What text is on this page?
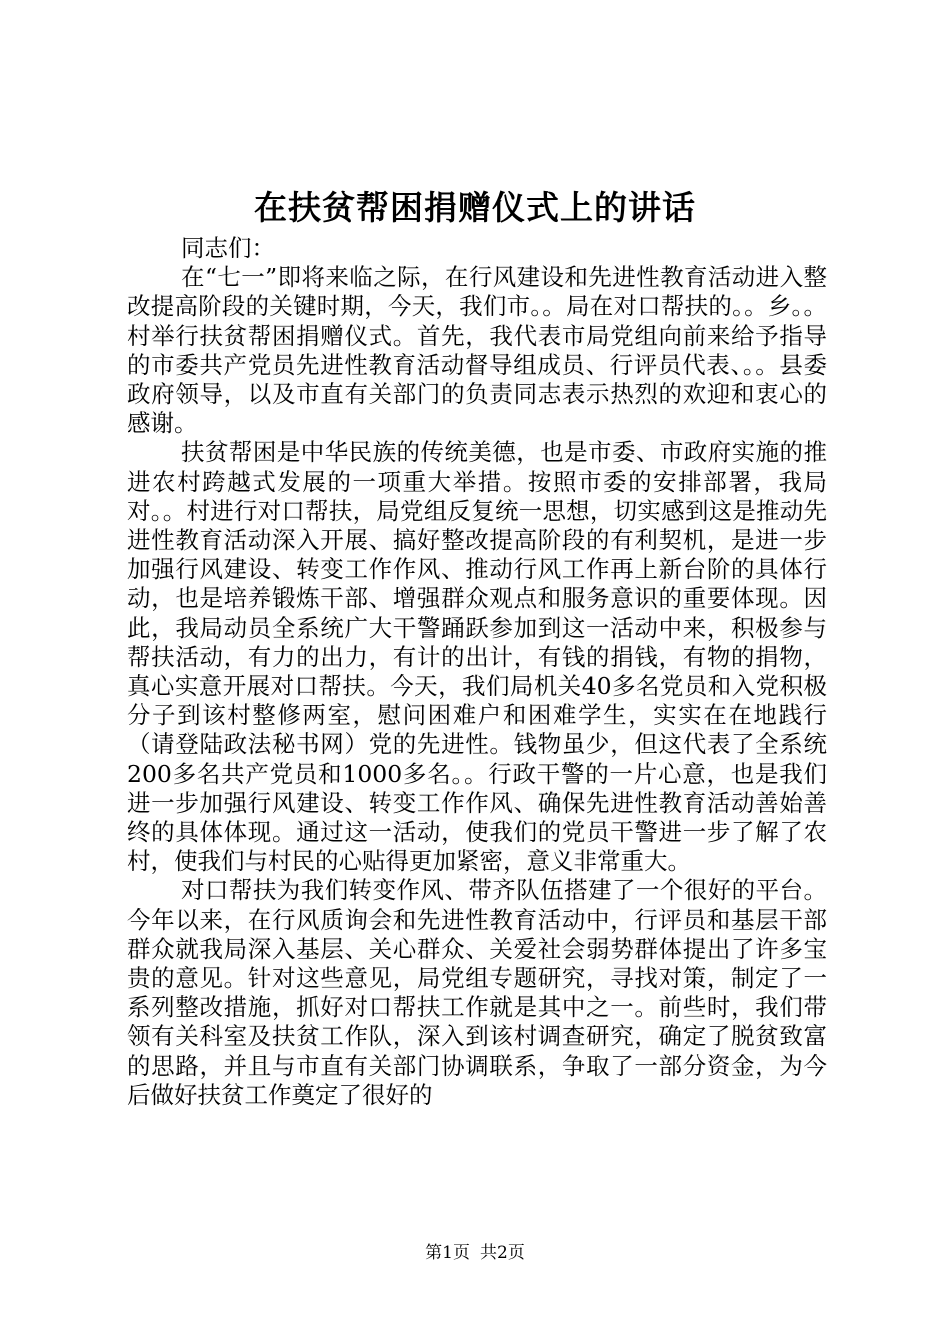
在扶贫帮困捐赠仪式上的讲话

同志们：

在“七一”即将来临之际，在行风建设和先进性教育活动进入整改提高阶段的关键时期，今天，我们市。。局在对口帮扶的。。乡。。村举行扶贫帮困捐赠仪式。首先，我代表市局党组向前来给予指导的市委共产党员先进性教育活动督导组成员、行评员代表、。。县委政府领导，以及市直有关部门的负责同志表示热烈的欢迎和衷心的感谢。

扶贫帮困是中华民族的传统美德，也是市委、市政府实施的推进农村跨越式发展的一项重大举措。按照市委的安排部署，我局对。。村进行对口帮扶，局党组反复统一思想，切实感到这是推动先进性教育活动深入开展、搞好整改提高阶段的有利契机，是进一步加强行风建设、转变工作作风、推动行风工作再上新台阶的具体行动，也是培养锻炼干部、增强群众观点和服务意识的重要体现。因此，我局动员全系统广大干警踊跃参加到这一活动中来，积极参与帮扶活动，有力的出力，有计的出计，有钱的捐钱，有物的捐物，真心实意开展对口帮扶。今天，我们局机关40多名党员和入党积极分子到该村整修两室，慰问困难户和困难学生，实实在在地践行（请登陆政法秘书网）党的先进性。钱物虽少，但这代表了全系统200多名共产党员和1000多名。。行政干警的一片心意，也是我们进一步加强行风建设、转变工作作风、确保先进性教育活动善始善终的具体体现。通过这一活动，使我们的党员干警进一步了解了农村，使我们与村民的心贴得更加紧密，意义非常重大。

对口帮扶为我们转变作风、带齐队伍搭建了一个很好的平台。今年以来，在行风质询会和先进性教育活动中，行评员和基层干部群众就我局深入基层、关心群众、关爱社会弱势群体提出了许多宝贵的意见。针对这些意见，局党组专题研究，寻找对策，制定了一系列整改措施，抓好对口帮扶工作就是其中之一。前些时，我们带领有关科室及扶贫工作队，深入到该村调查研究，确定了脱贫致富的思路，并且与市直有关部门协调联系，争取了一部分资金，为今后做好扶贫工作奠定了很好的

第1页 共2页
